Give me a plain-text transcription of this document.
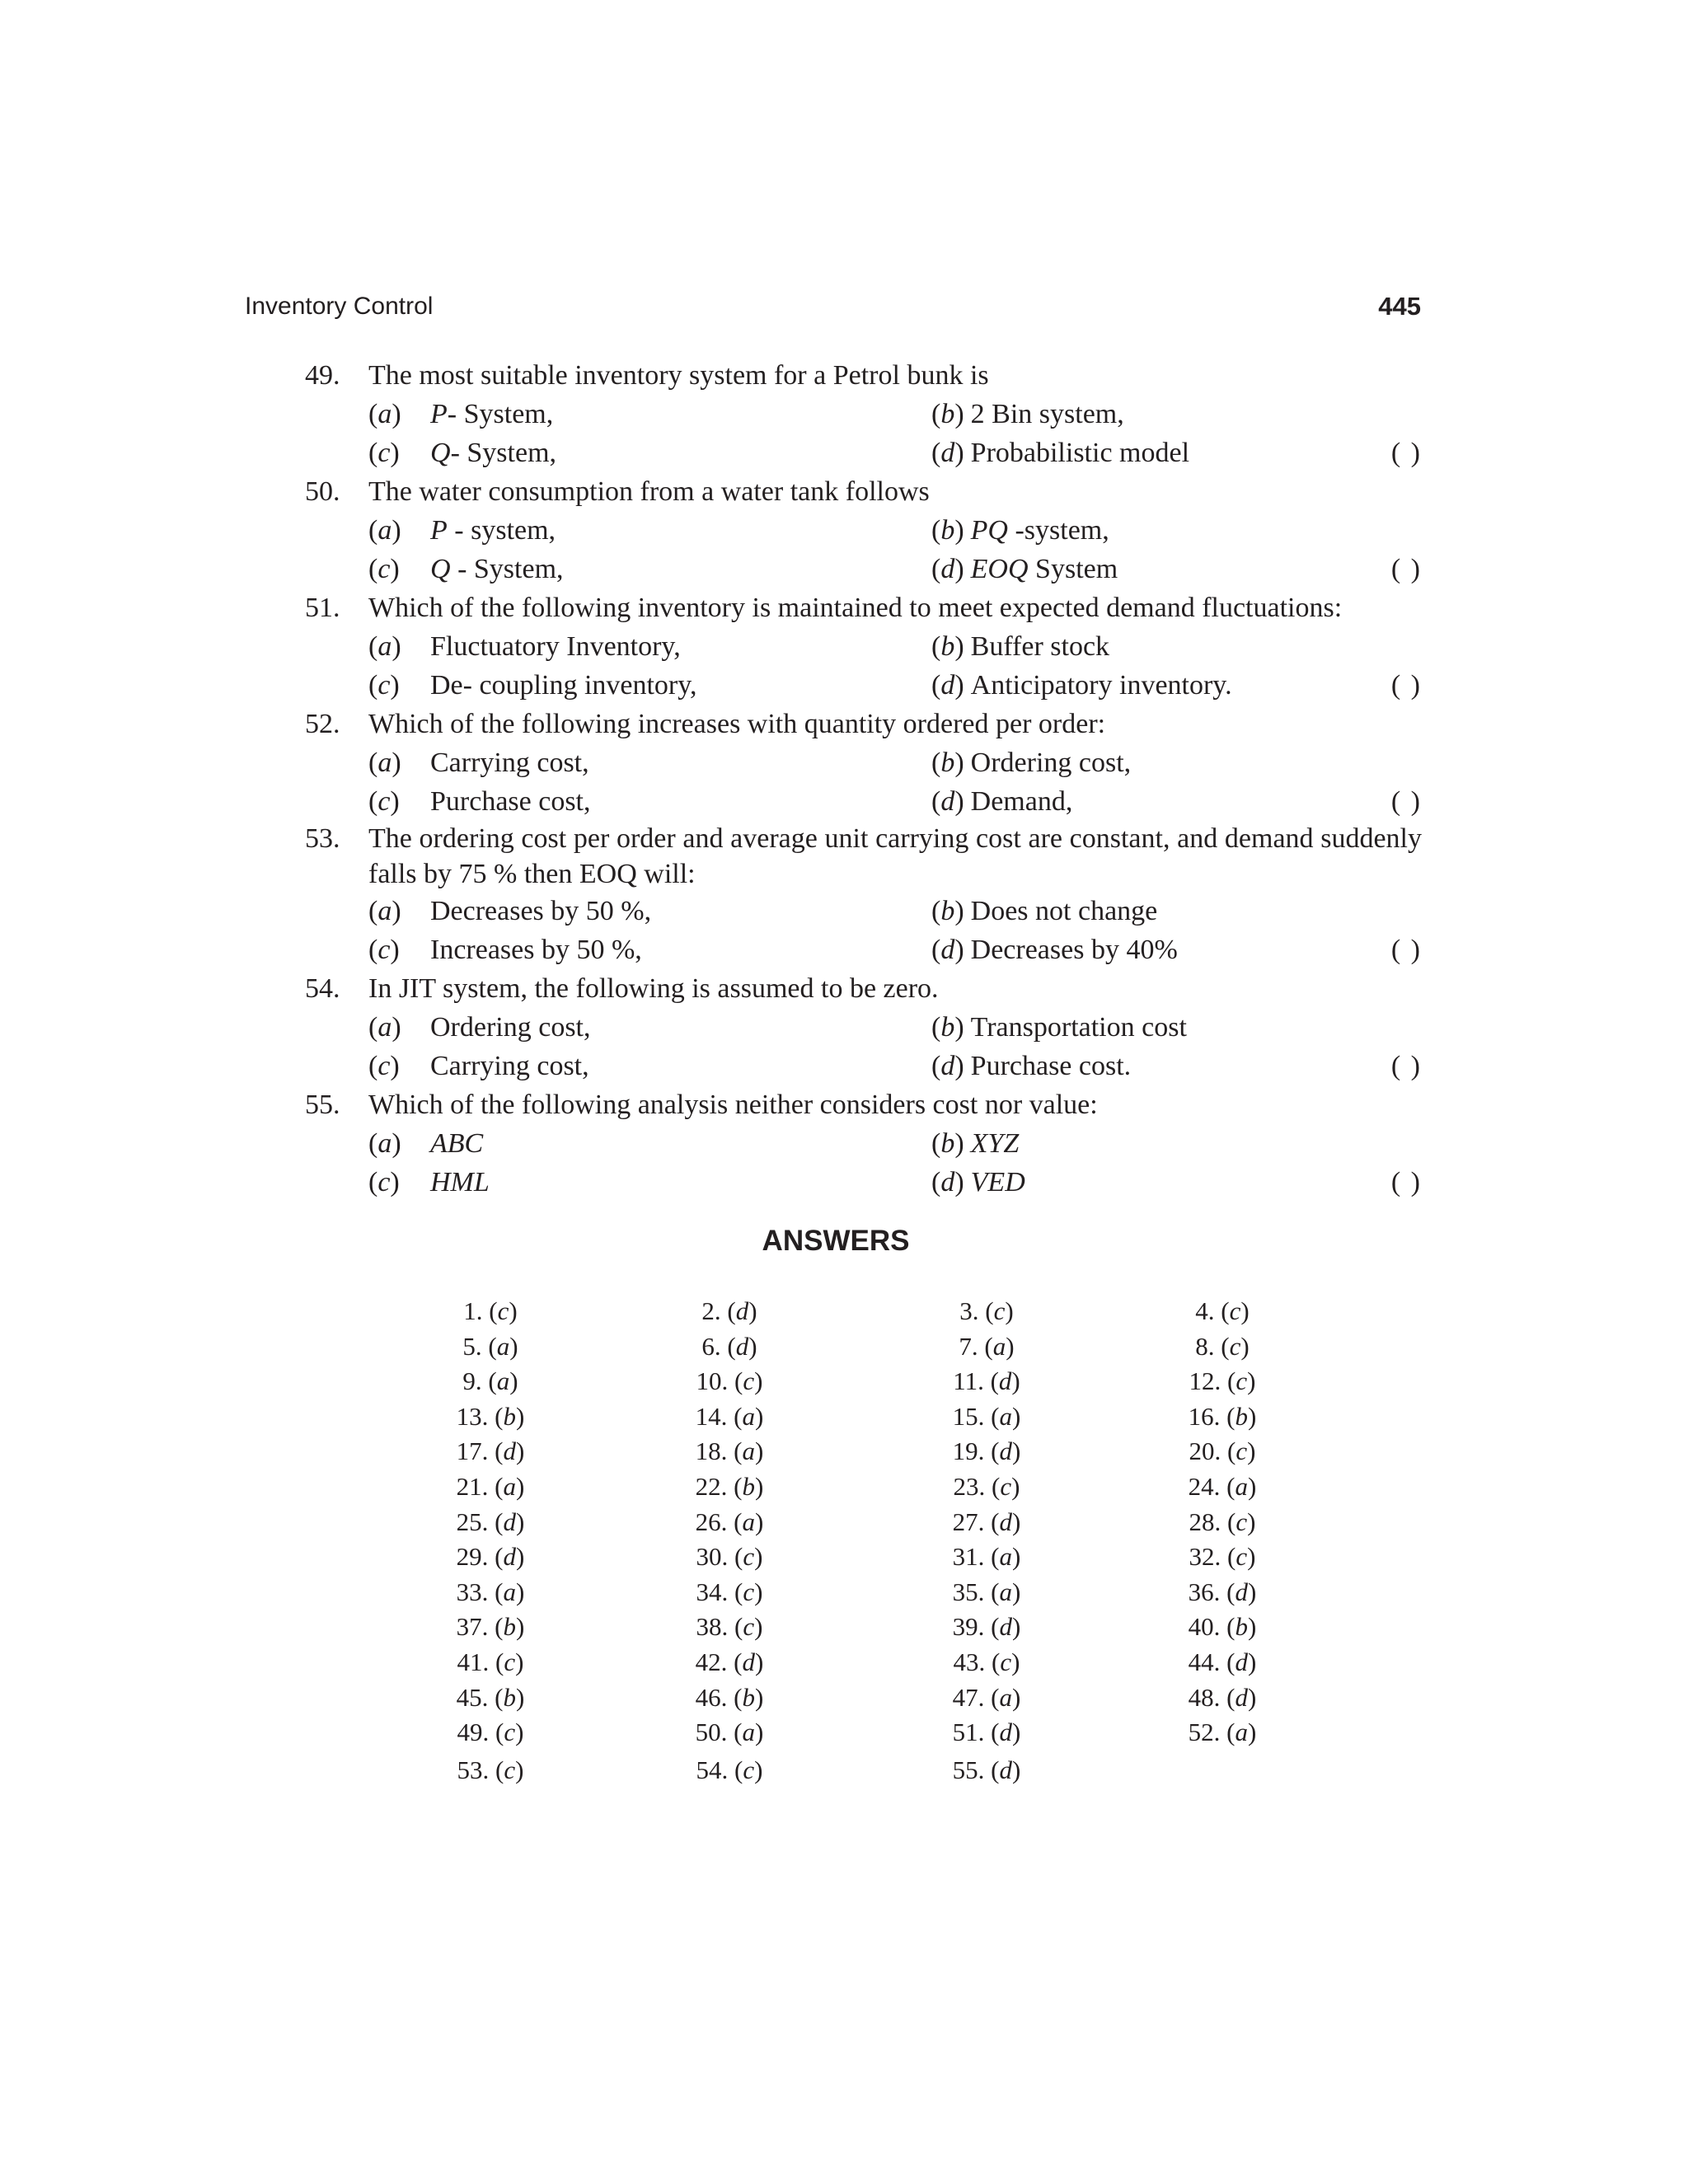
Inventory Control	445
49.	The most suitable inventory system for a Petrol bunk is
(a) P- System,	(b) 2 Bin system,
(c) Q- System,	(d) Probabilistic model	( )
50.	The water consumption from a water tank follows
(a) P - system,	(b) PQ -system,
(c) Q - System,	(d) EOQ System	( )
51.	Which of the following inventory is maintained to meet expected demand fluctuations:
(a) Fluctuatory Inventory,	(b) Buffer stock
(c) De- coupling inventory,	(d) Anticipatory inventory.	( )
52.	Which of the following increases with quantity ordered per order:
(a) Carrying cost,	(b) Ordering cost,
(c) Purchase cost,	(d) Demand,	( )
53.	The ordering cost per order and average unit carrying cost are constant, and demand suddenly
falls by 75 % then EOQ will:
(a) Decreases by 50 %,	(b) Does not change
(c) Increases by 50 %,	(d) Decreases by 40%	( )
54.	In JIT system, the following is assumed to be zero.
(a) Ordering cost,	(b) Transportation cost
(c) Carrying cost,	(d) Purchase cost.	( )
55.	Which of the following analysis neither considers cost nor value:
(a) ABC	(b) XYZ
(c) HML	(d) VED	( )
ANSWERS
1. (c)	2. (d)	3. (c)	4. (c)
5. (a)	6. (d)	7. (a)	8. (c)
9. (a)	10. (c)	11. (d)	12. (c)
13. (b)	14. (a)	15. (a)	16. (b)
17. (d)	18. (a)	19. (d)	20. (c)
21. (a)	22. (b)	23. (c)	24. (a)
25. (d)	26. (a)	27. (d)	28. (c)
29. (d)	30. (c)	31. (a)	32. (c)
33. (a)	34. (c)	35. (a)	36. (d)
37. (b)	38. (c)	39. (d)	40. (b)
41. (c)	42. (d)	43. (c)	44. (d)
45. (b)	46. (b)	47. (a)	48. (d)
49. (c)	50. (a)	51. (d)	52. (a)
53. (c)	54. (c)	55. (d)
